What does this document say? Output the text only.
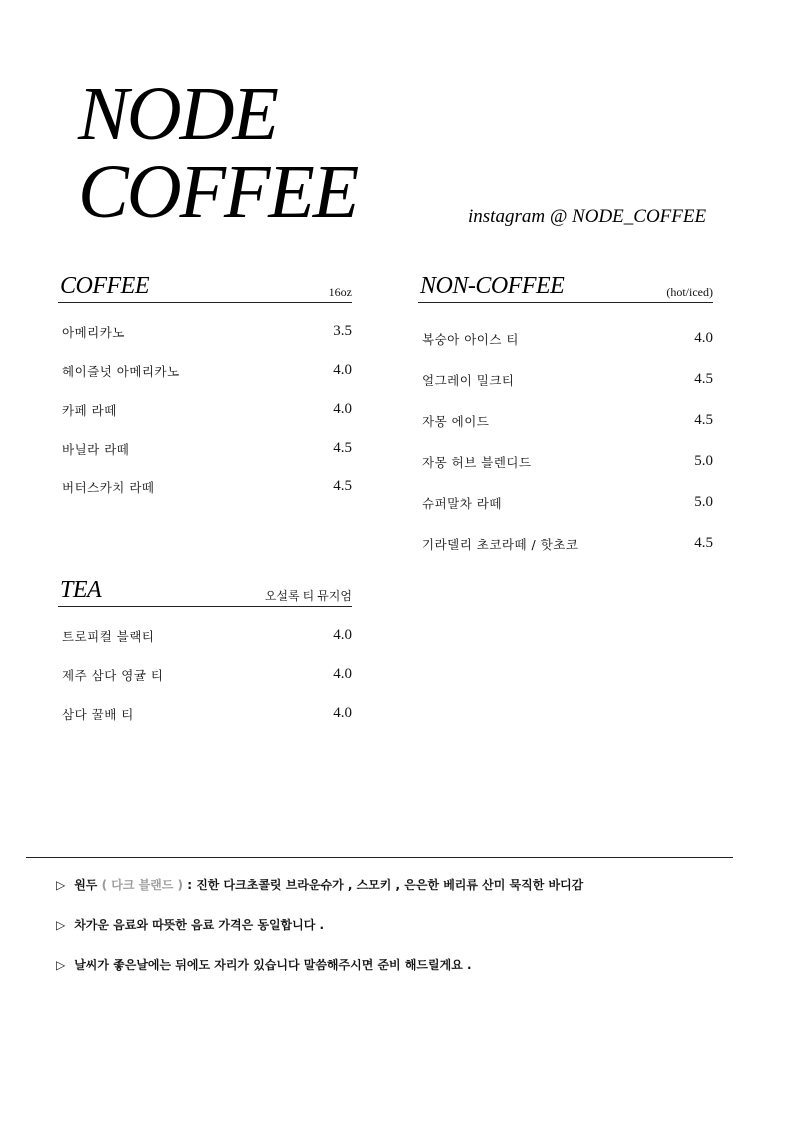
NODE
COFFEE	instagram @ NODE_COFFEE
COFFEE	16oz
아메리카노	3.5
헤이즐넛 아메리카노	4.0
카페 라떼	4.0
바닐라 라떼	4.5
버터스카치 라떼	4.5
NON-COFFEE	(hot/iced)
복숭아 아이스 티	4.0
얼그레이 밀크티	4.5
자몽 에이드	4.5
자몽 허브 블렌디드	5.0
슈퍼말차 라떼	5.0
기라델리 초코라떼 / 핫초코	4.5
TEA	오설록 티 뮤지엄
트로피컬 블랙티	4.0
제주 삼다 영귤 티	4.0
삼다 꿀배 티	4.0
▷ 원두 ( 다크 블랜드 ) : 진한 다크초콜릿 브라운슈가 , 스모키 , 은은한 베리류 산미 묵직한 바디감
▷ 차가운 음료와 따뜻한 음료 가격은 동일합니다 .
▷ 날씨가 좋은날에는 뒤에도 자리가 있습니다 말씀해주시면 준비 해드릴게요 .
